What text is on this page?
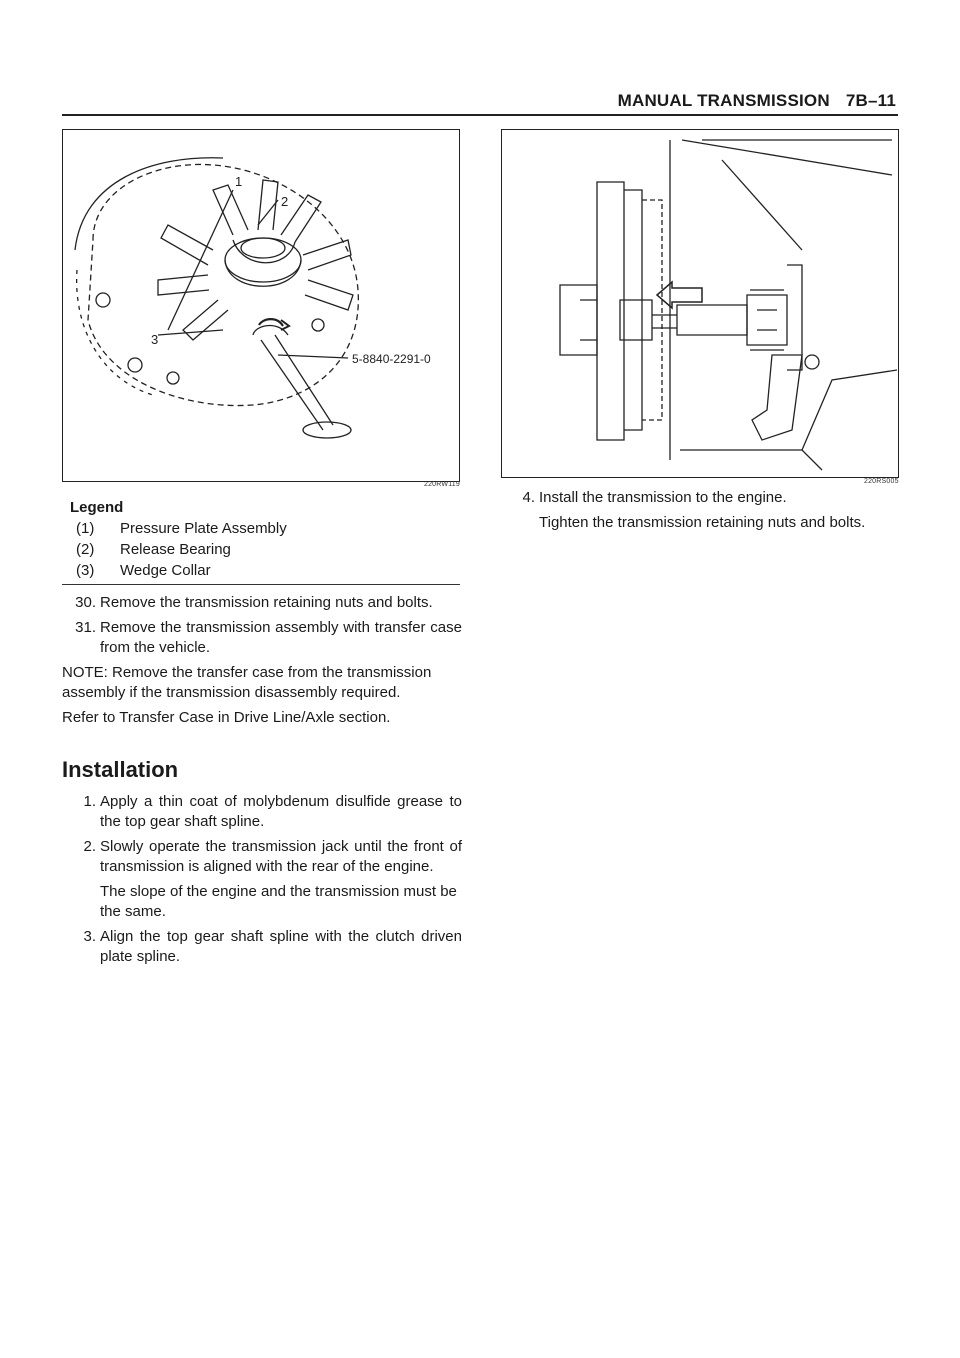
MANUAL TRANSMISSION 7B–11
1
2
3
5-8840-2291-0
220RW119	220RS005
Legend
(1) Pressure Plate Assembly
(2) Release Bearing
(3) Wedge Collar
30. Remove the transmission retaining nuts and bolts.
31. Remove the transmission assembly with transfer case from the vehicle.

NOTE: Remove the transfer case from the transmission assembly if the transmission disassembly required.

Refer to Transfer Case in Drive Line/Axle section.

Installation
1. Apply a thin coat of molybdenum disulfide grease to the top gear shaft spline.
2. Slowly operate the transmission jack until the front of transmission is aligned with the rear of the engine.

The slope of the engine and the transmission must be the same.

3. Align the top gear shaft spline with the clutch driven plate spline.
4. Install the transmission to the engine.

Tighten the transmission retaining nuts and bolts.
